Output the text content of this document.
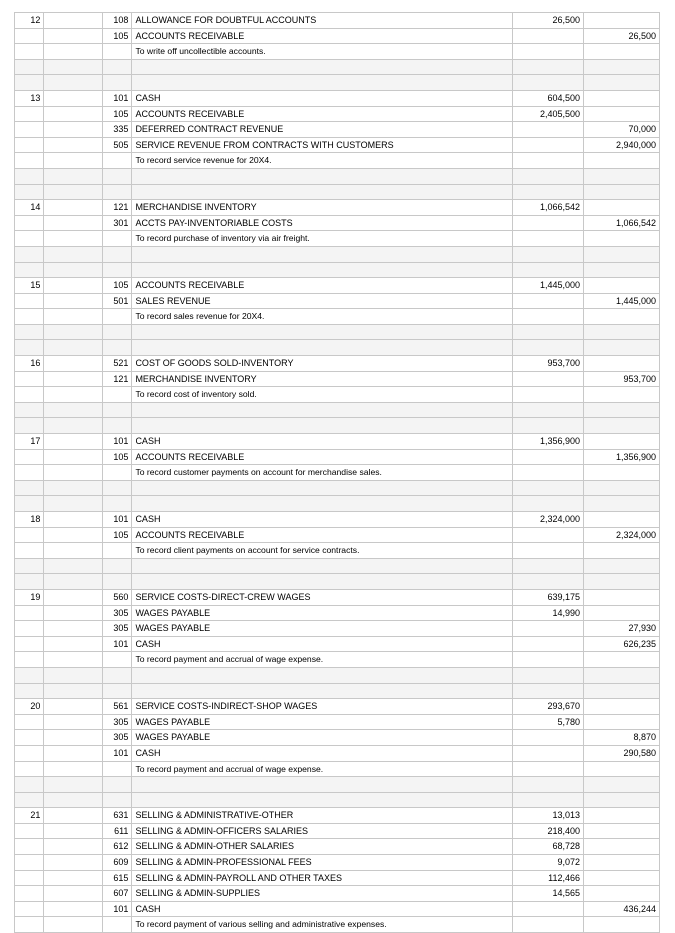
12		108	ALLOWANCE FOR DOUBTFUL ACCOUNTS	26,500	
		105	ACCOUNTS RECEIVABLE		26,500
			To write off uncollectible accounts.		

13		101	CASH	604,500	
		105	ACCOUNTS RECEIVABLE	2,405,500	
		335	DEFERRED CONTRACT REVENUE		70,000
		505	SERVICE REVENUE FROM CONTRACTS WITH CUSTOMERS		2,940,000
			To record service revenue for 20X4.		

14		121	MERCHANDISE INVENTORY	1,066,542	
		301	ACCTS PAY-INVENTORIABLE COSTS		1,066,542
			To record purchase of inventory via air freight.		

15		105	ACCOUNTS RECEIVABLE	1,445,000	
		501	SALES REVENUE		1,445,000
			To record sales revenue for 20X4.		

16		521	COST OF GOODS SOLD-INVENTORY	953,700	
		121	MERCHANDISE INVENTORY		953,700
			To record cost of inventory sold.		

17		101	CASH	1,356,900	
		105	ACCOUNTS RECEIVABLE		1,356,900
			To record customer payments on account for merchandise sales.		

18		101	CASH	2,324,000	
		105	ACCOUNTS RECEIVABLE		2,324,000
			To record client payments on account for service contracts.		

19		560	SERVICE COSTS-DIRECT-CREW WAGES	639,175	
		305	WAGES PAYABLE	14,990	
		305	WAGES PAYABLE		27,930
		101	CASH		626,235
			To record payment and accrual of wage expense.		

20		561	SERVICE COSTS-INDIRECT-SHOP WAGES	293,670	
		305	WAGES PAYABLE	5,780	
		305	WAGES PAYABLE		8,870
		101	CASH		290,580
			To record payment and accrual of wage expense.		

21		631	SELLING & ADMINISTRATIVE-OTHER	13,013	
		611	SELLING & ADMIN-OFFICERS SALARIES	218,400	
		612	SELLING & ADMIN-OTHER SALARIES	68,728	
		609	SELLING & ADMIN-PROFESSIONAL FEES	9,072	
		615	SELLING & ADMIN-PAYROLL AND OTHER TAXES	112,466	
		607	SELLING & ADMIN-SUPPLIES	14,565	
		101	CASH		436,244
			To record payment of various selling and administrative expenses.		
